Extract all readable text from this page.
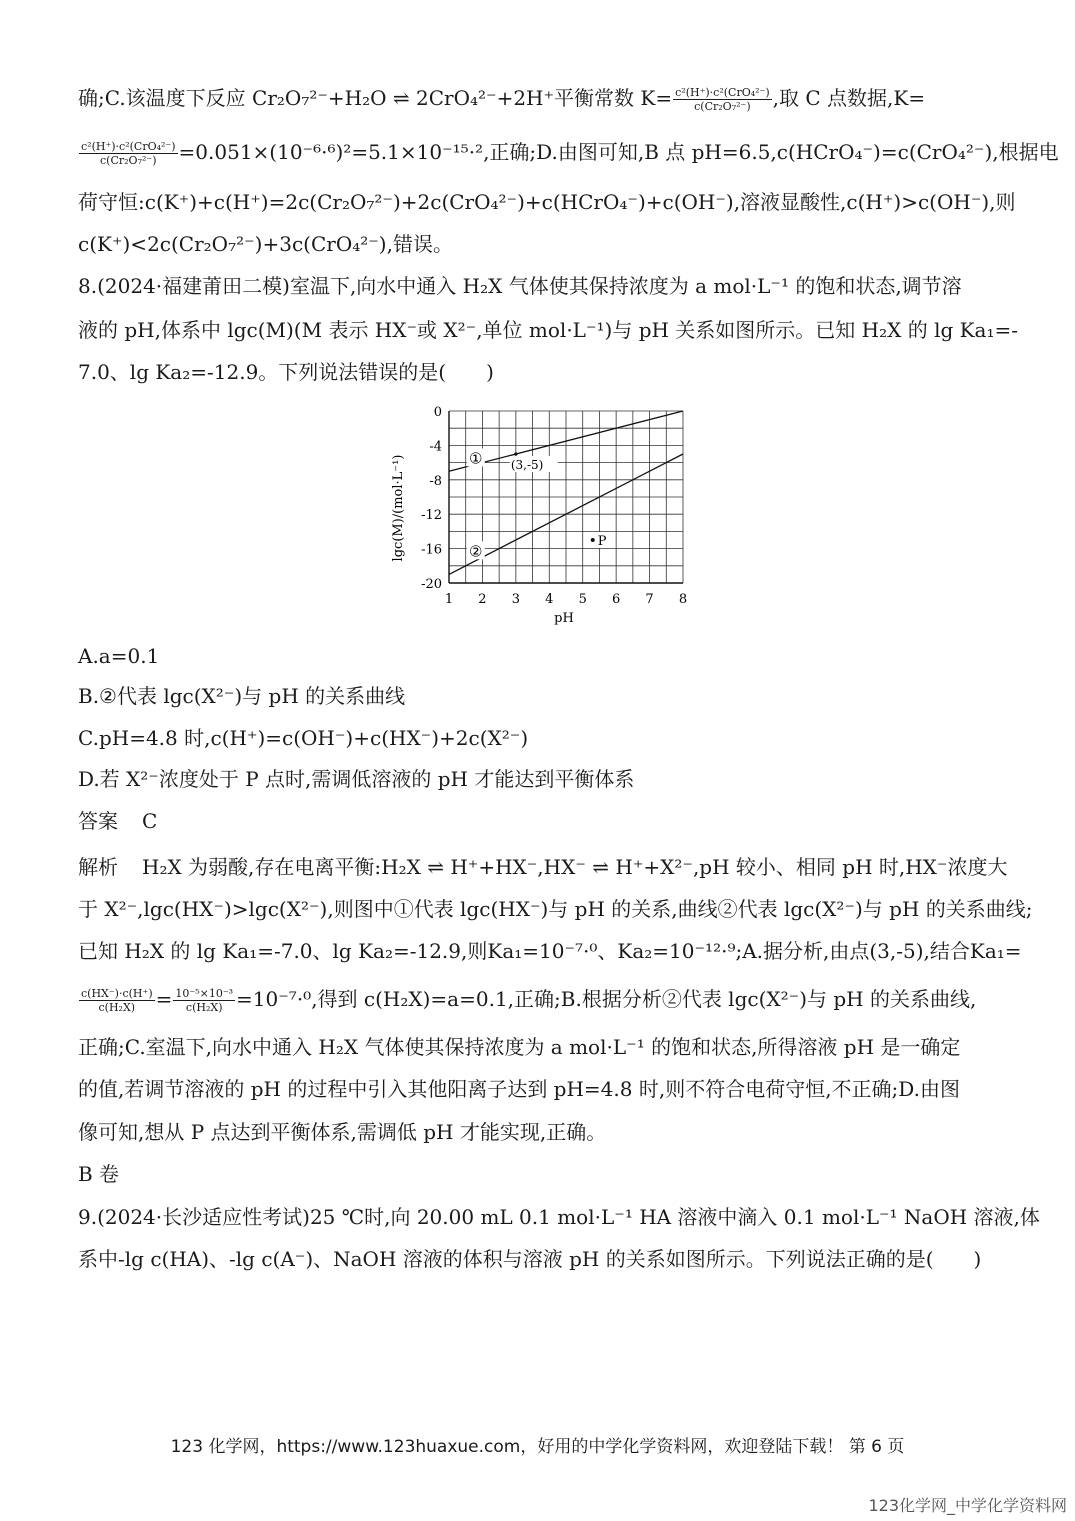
确;C.该温度下反应 Cr₂O₇²⁻+H₂O ⇌ 2CrO₄²⁻+2H⁺平衡常数 $K= \frac{\text{c²(H⁺)·c²(CrO₄²⁻)}}{\text{c(Cr₂O₇²⁻)}}$ ,取 C 点数据,K=
$\frac{\text{c²(H⁺)·c²(CrO₄²⁻)}}{\text{c(Cr₂O₇²⁻)}} =0.051\times(10^{-6}\cdot^6)^2=5.1\times 10^{-15}\cdot^2$,正确;D.由图可知,B 点 pH=6.5,c(HCrO₄⁻)=c(CrO₄²⁻),根据电
荷守恒:c(K⁺)+c(H⁺)=2c(Cr₂O₇²⁻)+2c(CrO₄²⁻)+c(HCrO₄⁻)+c(OH⁻),溶液显酸性,c(H⁺)>c(OH⁻),则
c(K⁺)<2c(Cr₂O₇²⁻)+3c(CrO₄²⁻),错误。
8.(2024·福建莆田二模)室温下,向水中通入 H₂X 气体使其保持浓度为 a mol·L⁻¹ 的饱和状态,调节溶
液的 pH,体系中 lgc(M)(M 表示 HX⁻或 X²⁻,单位 mol·L⁻¹)与 pH 关系如图所示。已知 H₂X 的 lg Ka₁=-
7.0、lg Ka₂=-12.9。下列说法错误的是(　　)
1 2 3 4 5 6 7 8
0
-4
-8
-12
-16
-20
①
②
(3,-5)
P
lgc(M)/(mol·L⁻¹)
pH
A.a=0.1
B.②代表 lgc(X²⁻)与 pH 的关系曲线
C.pH=4.8 时,c(H⁺)=c(OH⁻)+c(HX⁻)+2c(X²⁻)
D.若 X²⁻浓度处于 P 点时,需调低溶液的 pH 才能达到平衡体系
答案 C
解析 H₂X 为弱酸,存在电离平衡:H₂X ⇌ H⁺+HX⁻,HX⁻ ⇌ H⁺+X²⁻,pH 较小、相同 pH 时,HX⁻浓度大
于 X²⁻,lgc(HX⁻)>lgc(X²⁻),则图中①代表 lgc(HX⁻)与 pH 的关系,曲线②代表 lgc(X²⁻)与 pH 的关系曲线;
已知 H₂X 的 lg Ka₁=-7.0、lg Ka₂=-12.9,则Ka₁=10⁻⁷·⁰、Ka₂=10⁻¹²·⁹;A.据分析,由点(3,-5),结合Ka₁=
$\frac{c(HX^-)\cdot c(H^+)}{\text{c(H₂X)}} = \frac{\text{10⁻⁵×10⁻³}}{\text{c(H₂X)}} =10^{-7}\cdot^0$,得到 c(H₂X)=a=0.1,正确;B.根据分析②代表 lgc(X²⁻)与 pH 的关系曲线,
正确;C.室温下,向水中通入 H₂X 气体使其保持浓度为 a mol·L⁻¹ 的饱和状态,所得溶液 pH 是一确定
的值,若调节溶液的 pH 的过程中引入其他阳离子达到 pH=4.8 时,则不符合电荷守恒,不正确;D.由图
像可知,想从 P 点达到平衡体系,需调低 pH 才能实现,正确。
B 卷
9.(2024·长沙适应性考试)25 ℃时,向 20.00 mL 0.1 mol·L⁻¹ HA 溶液中滴入 0.1 mol·L⁻¹ NaOH 溶液,体
系中-lg c(HA)、-lg c(A⁻)、NaOH 溶液的体积与溶液 pH 的关系如图所示。下列说法正确的是(　　)
123 化学网，https://www.123huaxue.com，好用的中学化学资料网，欢迎登陆下载！ 第 6 页
123化学网_中学化学资料网
